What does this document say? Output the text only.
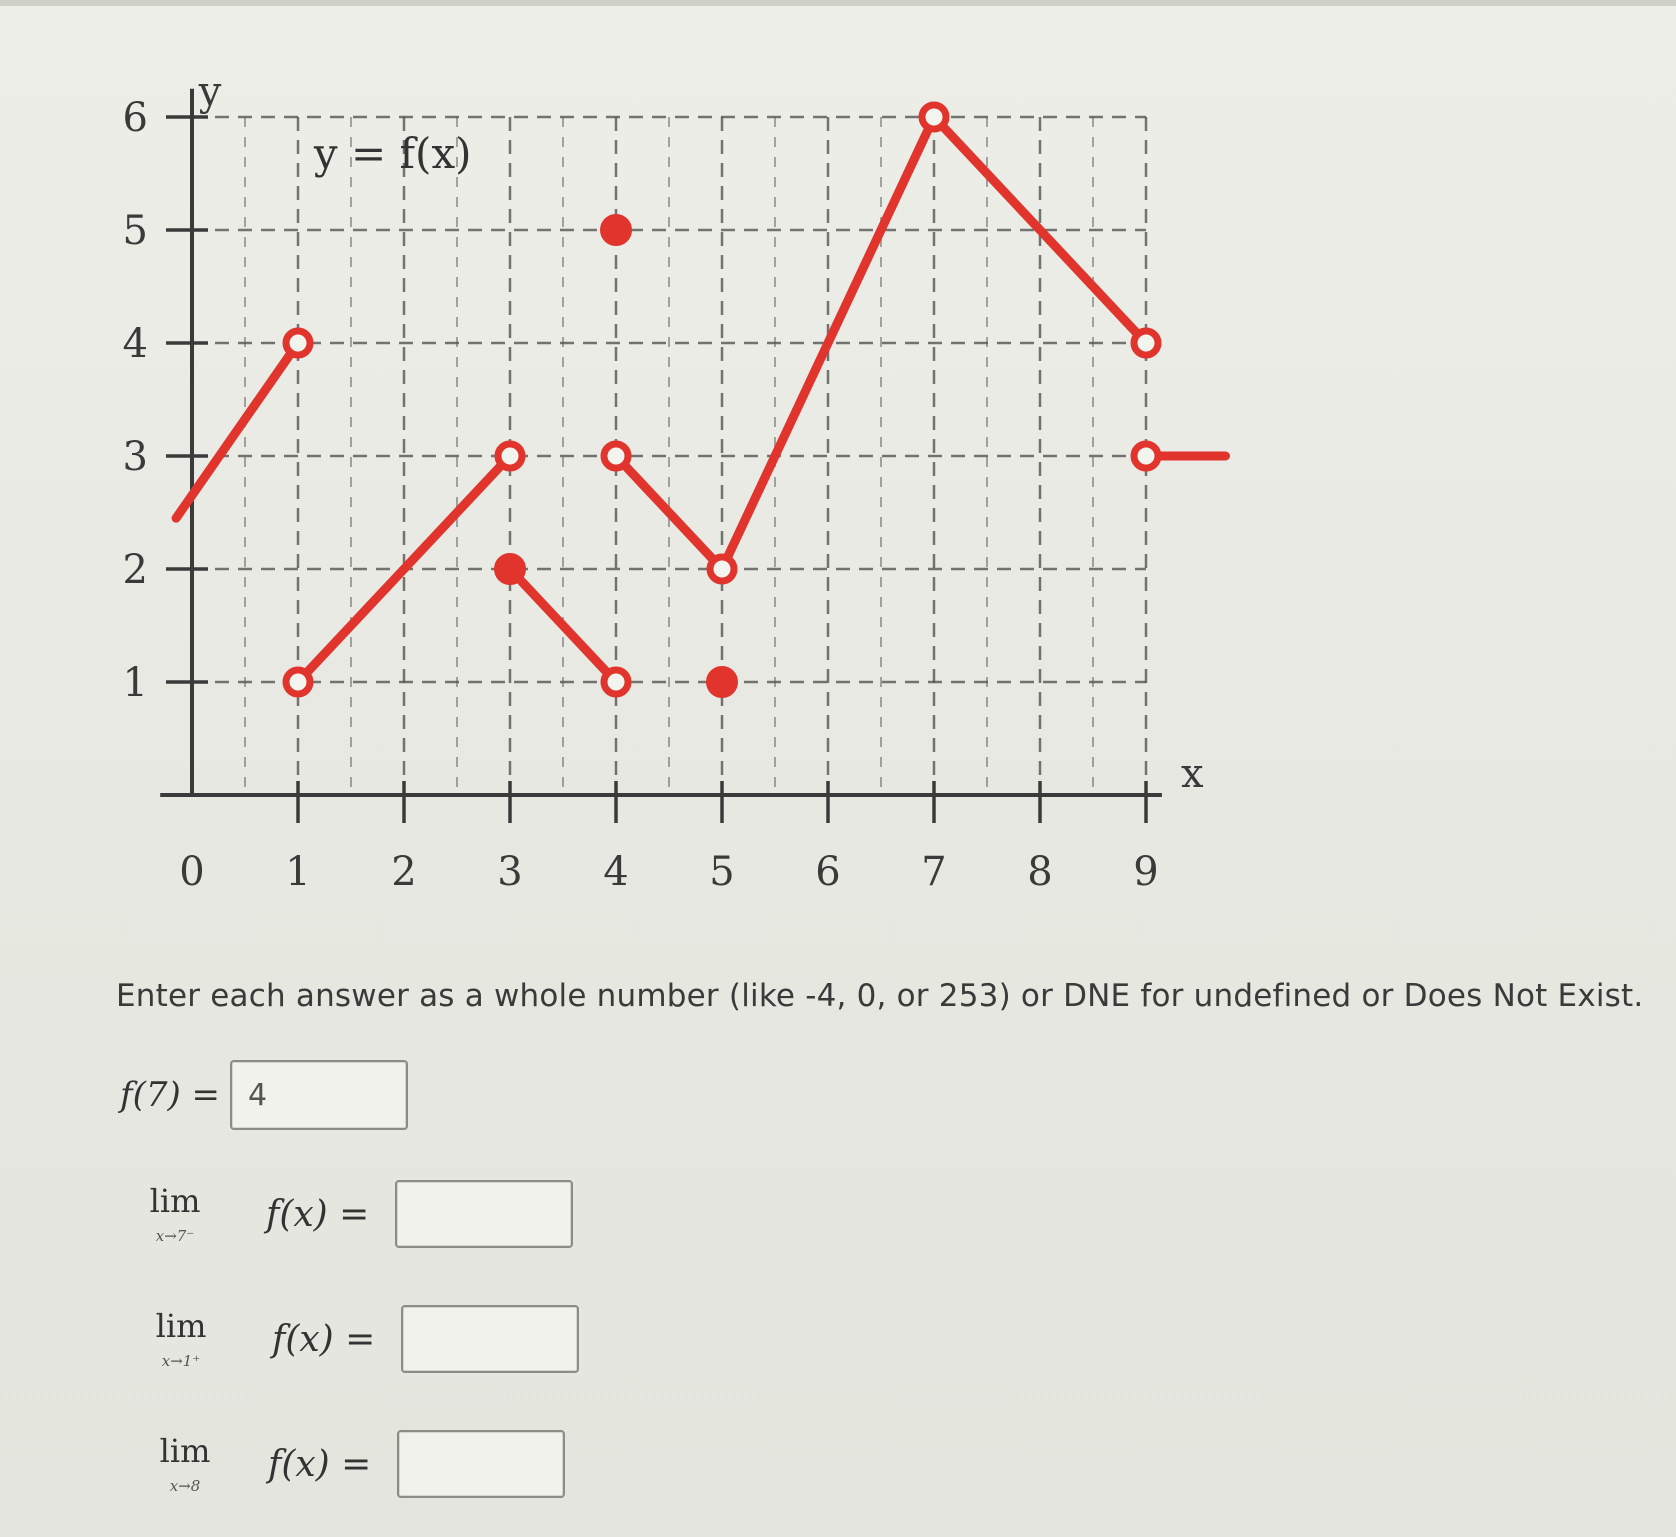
0 1 2 3 4 5 6 7 8 9
1
2
3
4
5
6
x
y
y = f(x)
Enter each answer as a whole number (like -4, 0, or 253) or DNE for undefined or Does Not Exist.
f(7) =
4
lim
x→7⁻
f(x) =
lim
x→1⁺
f(x) =
lim
x→8
f(x) =
